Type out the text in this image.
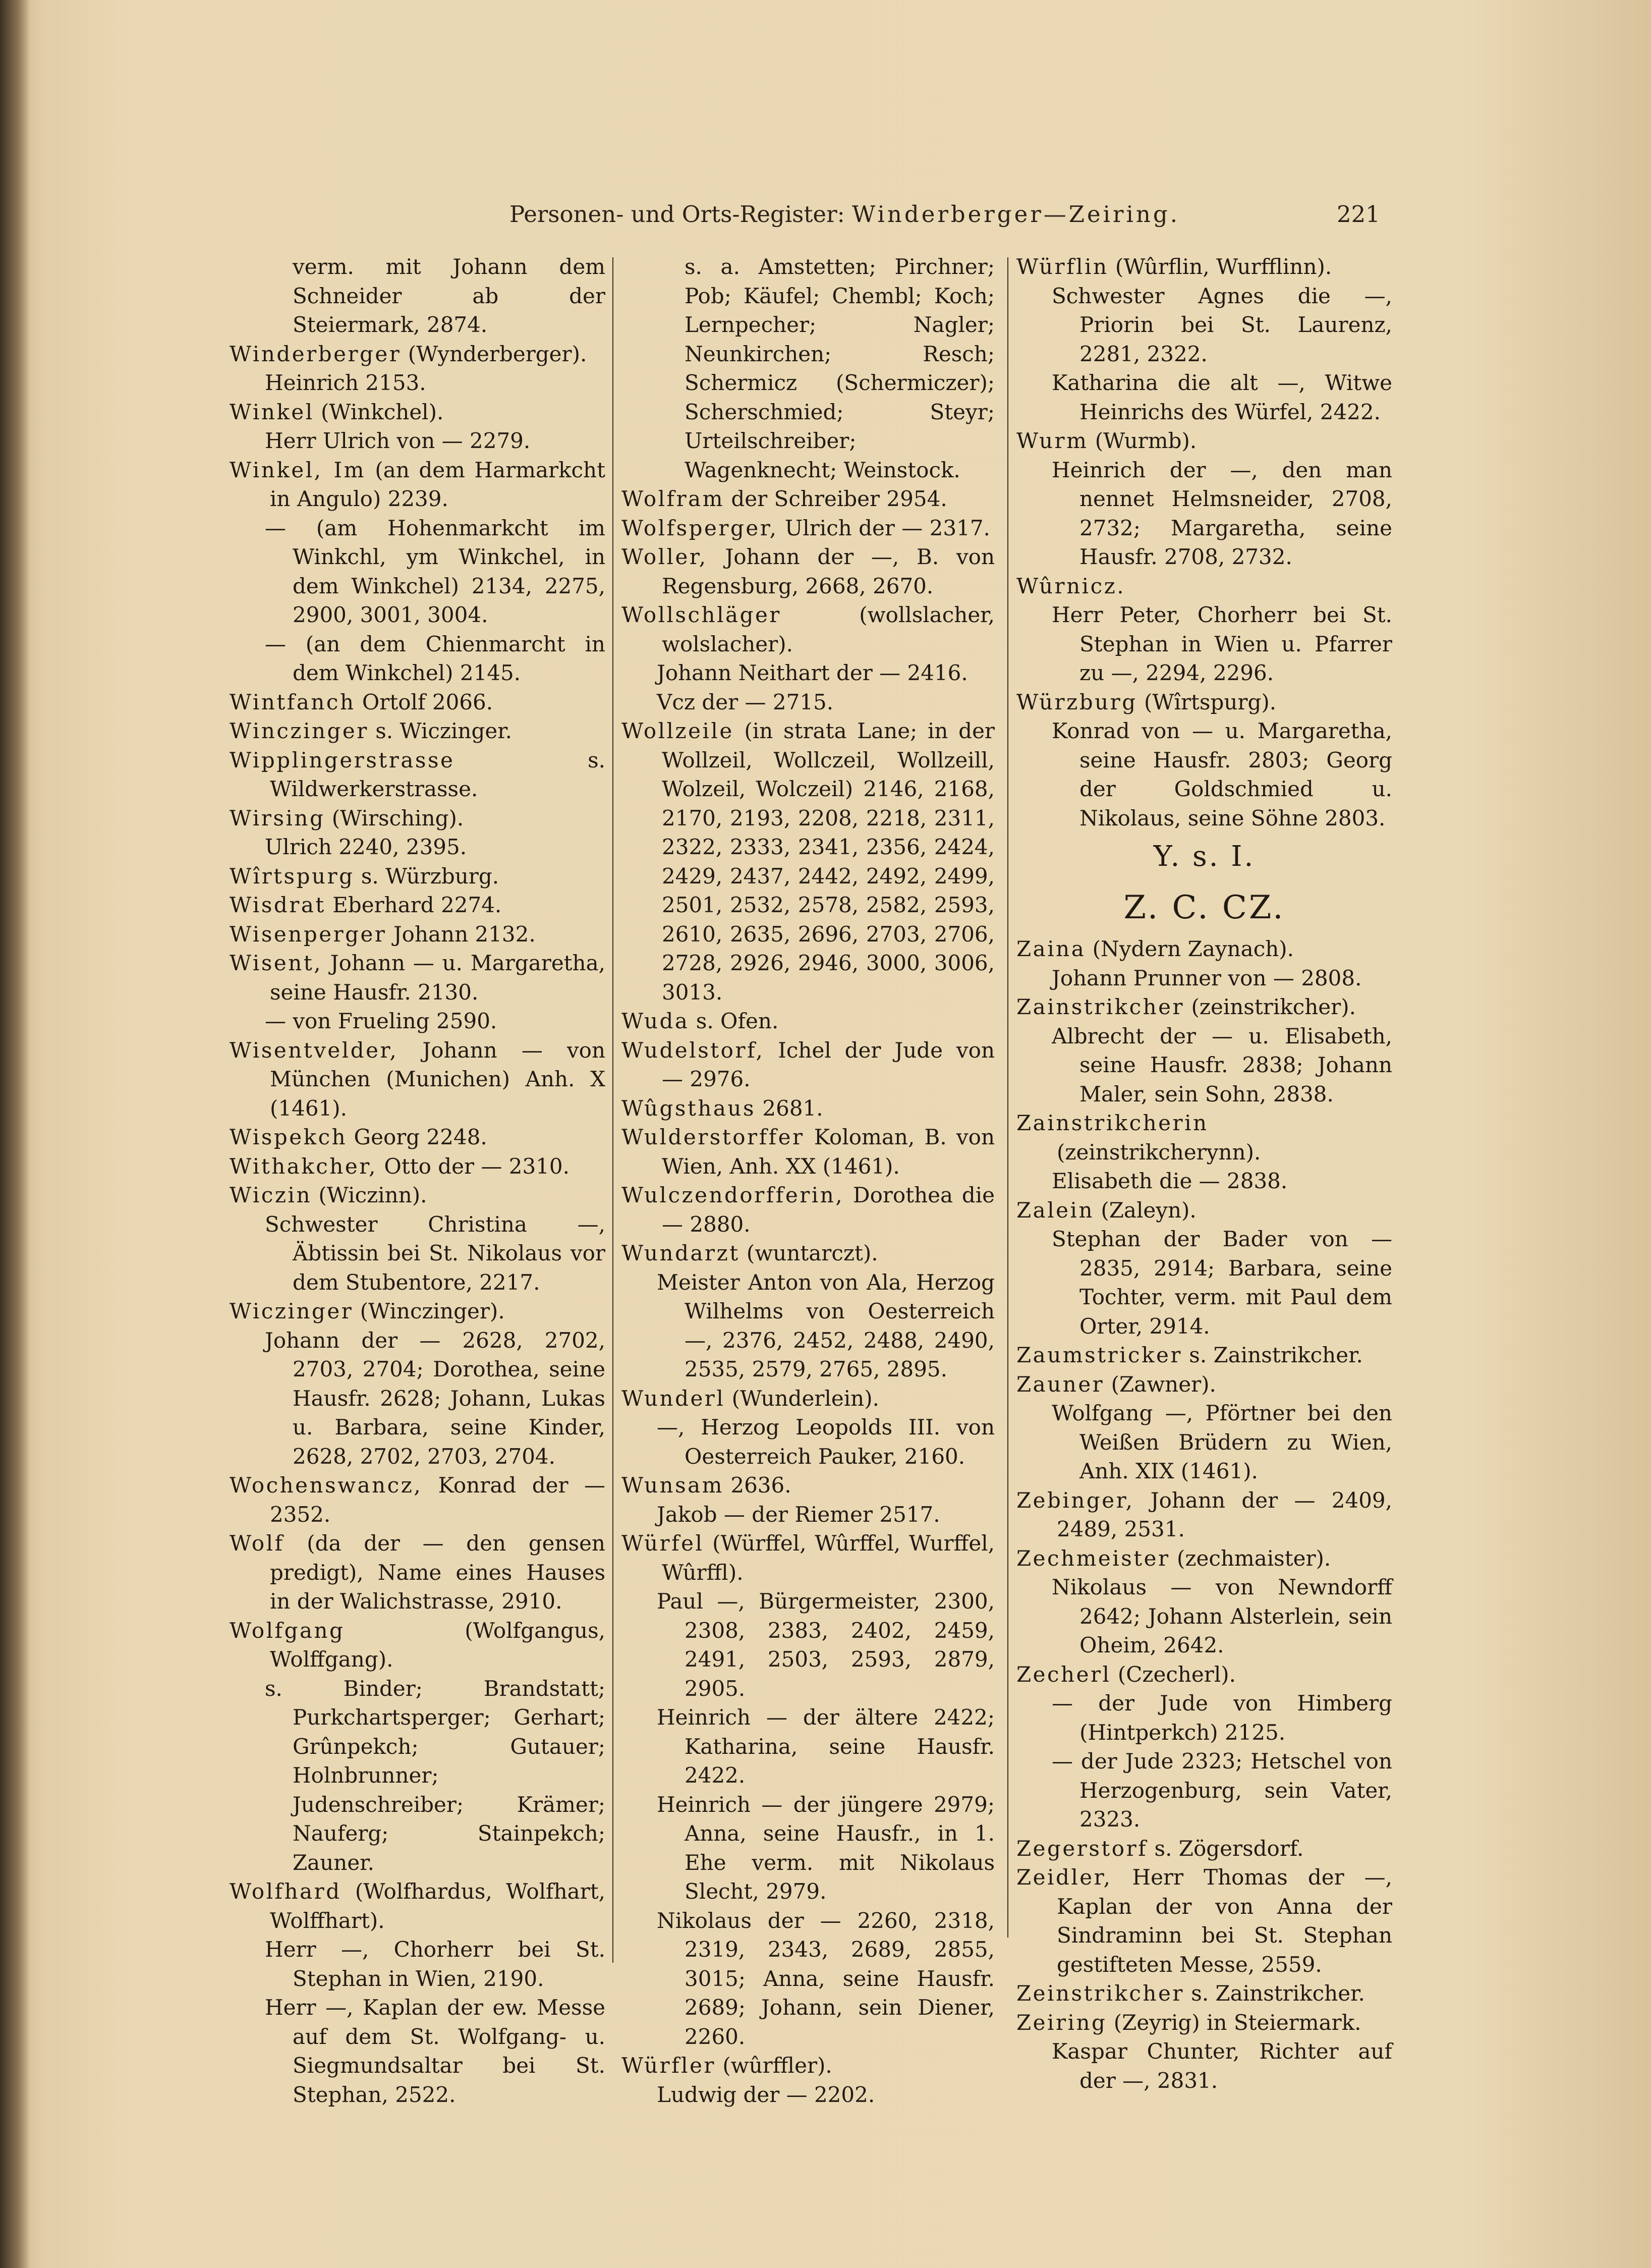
Personen- und Orts-Register: Winderberger—Zeiring.	221

verm. mit Johann dem Schneider ab der Steiermark, 2874.

Winderberger (Wynderberger).

Heinrich 2153.

Winkel (Winkchel).

Herr Ulrich von — 2279.

Winkel, Im (an dem Harmarkcht in Angulo) 2239.

— (am Hohenmarkcht im Winkchl, ym Winkchel, in dem Winkchel) 2134, 2275, 2900, 3001, 3004.

— (an dem Chienmarcht in dem Winkchel) 2145.

Wintfanch Ortolf 2066.

Winczinger s. Wiczinger.

Wipplingerstrasse s. Wildwerkerstrasse.

Wirsing (Wirsching).

Ulrich 2240, 2395.

Wîrtspurg s. Würzburg.

Wisdrat Eberhard 2274.

Wisenperger Johann 2132.

Wisent, Johann — u. Margaretha, seine Hausfr. 2130.

— von Frueling 2590.

Wisentvelder, Johann — von München (Munichen) Anh. X (1461).

Wispekch Georg 2248.

Withakcher, Otto der — 2310.

Wiczin (Wiczinn).

Schwester Christina —, Äbtissin bei St. Nikolaus vor dem Stubentore, 2217.

Wiczinger (Winczinger).

Johann der — 2628, 2702, 2703, 2704; Dorothea, seine Hausfr. 2628; Johann, Lukas u. Barbara, seine Kinder, 2628, 2702, 2703, 2704.

Wochenswancz, Konrad der — 2352.

Wolf (da der — den gensen predigt), Name eines Hauses in der Walichstrasse, 2910.

Wolfgang (Wolfgangus, Wolffgang).

s. Binder; Brandstatt; Purkchartsperger; Gerhart; Grûnpekch; Gutauer; Holnbrunner; Judenschreiber; Krämer; Nauferg; Stainpekch; Zauner.

Wolfhard (Wolfhardus, Wolfhart, Wolffhart).

Herr —, Chorherr bei St. Stephan in Wien, 2190.

Herr —, Kaplan der ew. Messe auf dem St. Wolfgang- u. Siegmundsaltar bei St. Stephan, 2522.

s. a. Amstetten; Pirchner; Pob; Käufel; Chembl; Koch; Lernpecher; Nagler; Neunkirchen; Resch; Schermicz (Schermiczer); Scherschmied; Steyr; Urteilschreiber; Wagenknecht; Weinstock.

Wolfram der Schreiber 2954.

Wolfsperger, Ulrich der — 2317.

Woller, Johann der —, B. von Regensburg, 2668, 2670.

Wollschläger (wollslacher, wolslacher).

Johann Neithart der — 2416.

Vcz der — 2715.

Wollzeile (in strata Lane; in der Wollzeil, Wollczeil, Wollzeill, Wolzeil, Wolczeil) 2146, 2168, 2170, 2193, 2208, 2218, 2311, 2322, 2333, 2341, 2356, 2424, 2429, 2437, 2442, 2492, 2499, 2501, 2532, 2578, 2582, 2593, 2610, 2635, 2696, 2703, 2706, 2728, 2926, 2946, 3000, 3006, 3013.

Wuda s. Ofen.

Wudelstorf, Ichel der Jude von — 2976.

Wûgsthaus 2681.

Wulderstorffer Koloman, B. von Wien, Anh. XX (1461).

Wulczendorfferin, Dorothea die — 2880.

Wundarzt (wuntarczt).

Meister Anton von Ala, Herzog Wilhelms von Oesterreich —, 2376, 2452, 2488, 2490, 2535, 2579, 2765, 2895.

Wunderl (Wunderlein).

—, Herzog Leopolds III. von Oesterreich Pauker, 2160.

Wunsam 2636.

Jakob — der Riemer 2517.

Würfel (Würffel, Wûrffel, Wurffel, Wûrffl).

Paul —, Bürgermeister, 2300, 2308, 2383, 2402, 2459, 2491, 2503, 2593, 2879, 2905.

Heinrich — der ältere 2422; Katharina, seine Hausfr. 2422.

Heinrich — der jüngere 2979; Anna, seine Hausfr., in 1. Ehe verm. mit Nikolaus Slecht, 2979.

Nikolaus der — 2260, 2318, 2319, 2343, 2689, 2855, 3015; Anna, seine Hausfr. 2689; Johann, sein Diener, 2260.

Würfler (wûrffler).

Ludwig der — 2202.

Würflin (Wûrflin, Wurfflinn).

Schwester Agnes die —, Priorin bei St. Laurenz, 2281, 2322.

Katharina die alt —, Witwe Heinrichs des Würfel, 2422.

Wurm (Wurmb).

Heinrich der —, den man nennet Helmsneider, 2708, 2732; Margaretha, seine Hausfr. 2708, 2732.

Wûrnicz.

Herr Peter, Chorherr bei St. Stephan in Wien u. Pfarrer zu —, 2294, 2296.

Würzburg (Wîrtspurg).

Konrad von — u. Margaretha, seine Hausfr. 2803; Georg der Goldschmied u. Nikolaus, seine Söhne 2803.

Y. s. I.

Z. C. CZ.

Zaina (Nydern Zaynach).

Johann Prunner von — 2808.

Zainstrikcher (zeinstrikcher).

Albrecht der — u. Elisabeth, seine Hausfr. 2838; Johann Maler, sein Sohn, 2838.

Zainstrikcherin (zeinstrikcherynn).

Elisabeth die — 2838.

Zalein (Zaleyn).

Stephan der Bader von — 2835, 2914; Barbara, seine Tochter, verm. mit Paul dem Orter, 2914.

Zaumstricker s. Zainstrikcher.

Zauner (Zawner).

Wolfgang —, Pförtner bei den Weißen Brüdern zu Wien, Anh. XIX (1461).

Zebinger, Johann der — 2409, 2489, 2531.

Zechmeister (zechmaister).

Nikolaus — von Newndorff 2642; Johann Alsterlein, sein Oheim, 2642.

Zecherl (Czecherl).

— der Jude von Himberg (Hintperkch) 2125.

— der Jude 2323; Hetschel von Herzogenburg, sein Vater, 2323.

Zegerstorf s. Zögersdorf.

Zeidler, Herr Thomas der —, Kaplan der von Anna der Sindraminn bei St. Stephan gestifteten Messe, 2559.

Zeinstrikcher s. Zainstrikcher.

Zeiring (Zeyrig) in Steiermark.

Kaspar Chunter, Richter auf der —, 2831.
